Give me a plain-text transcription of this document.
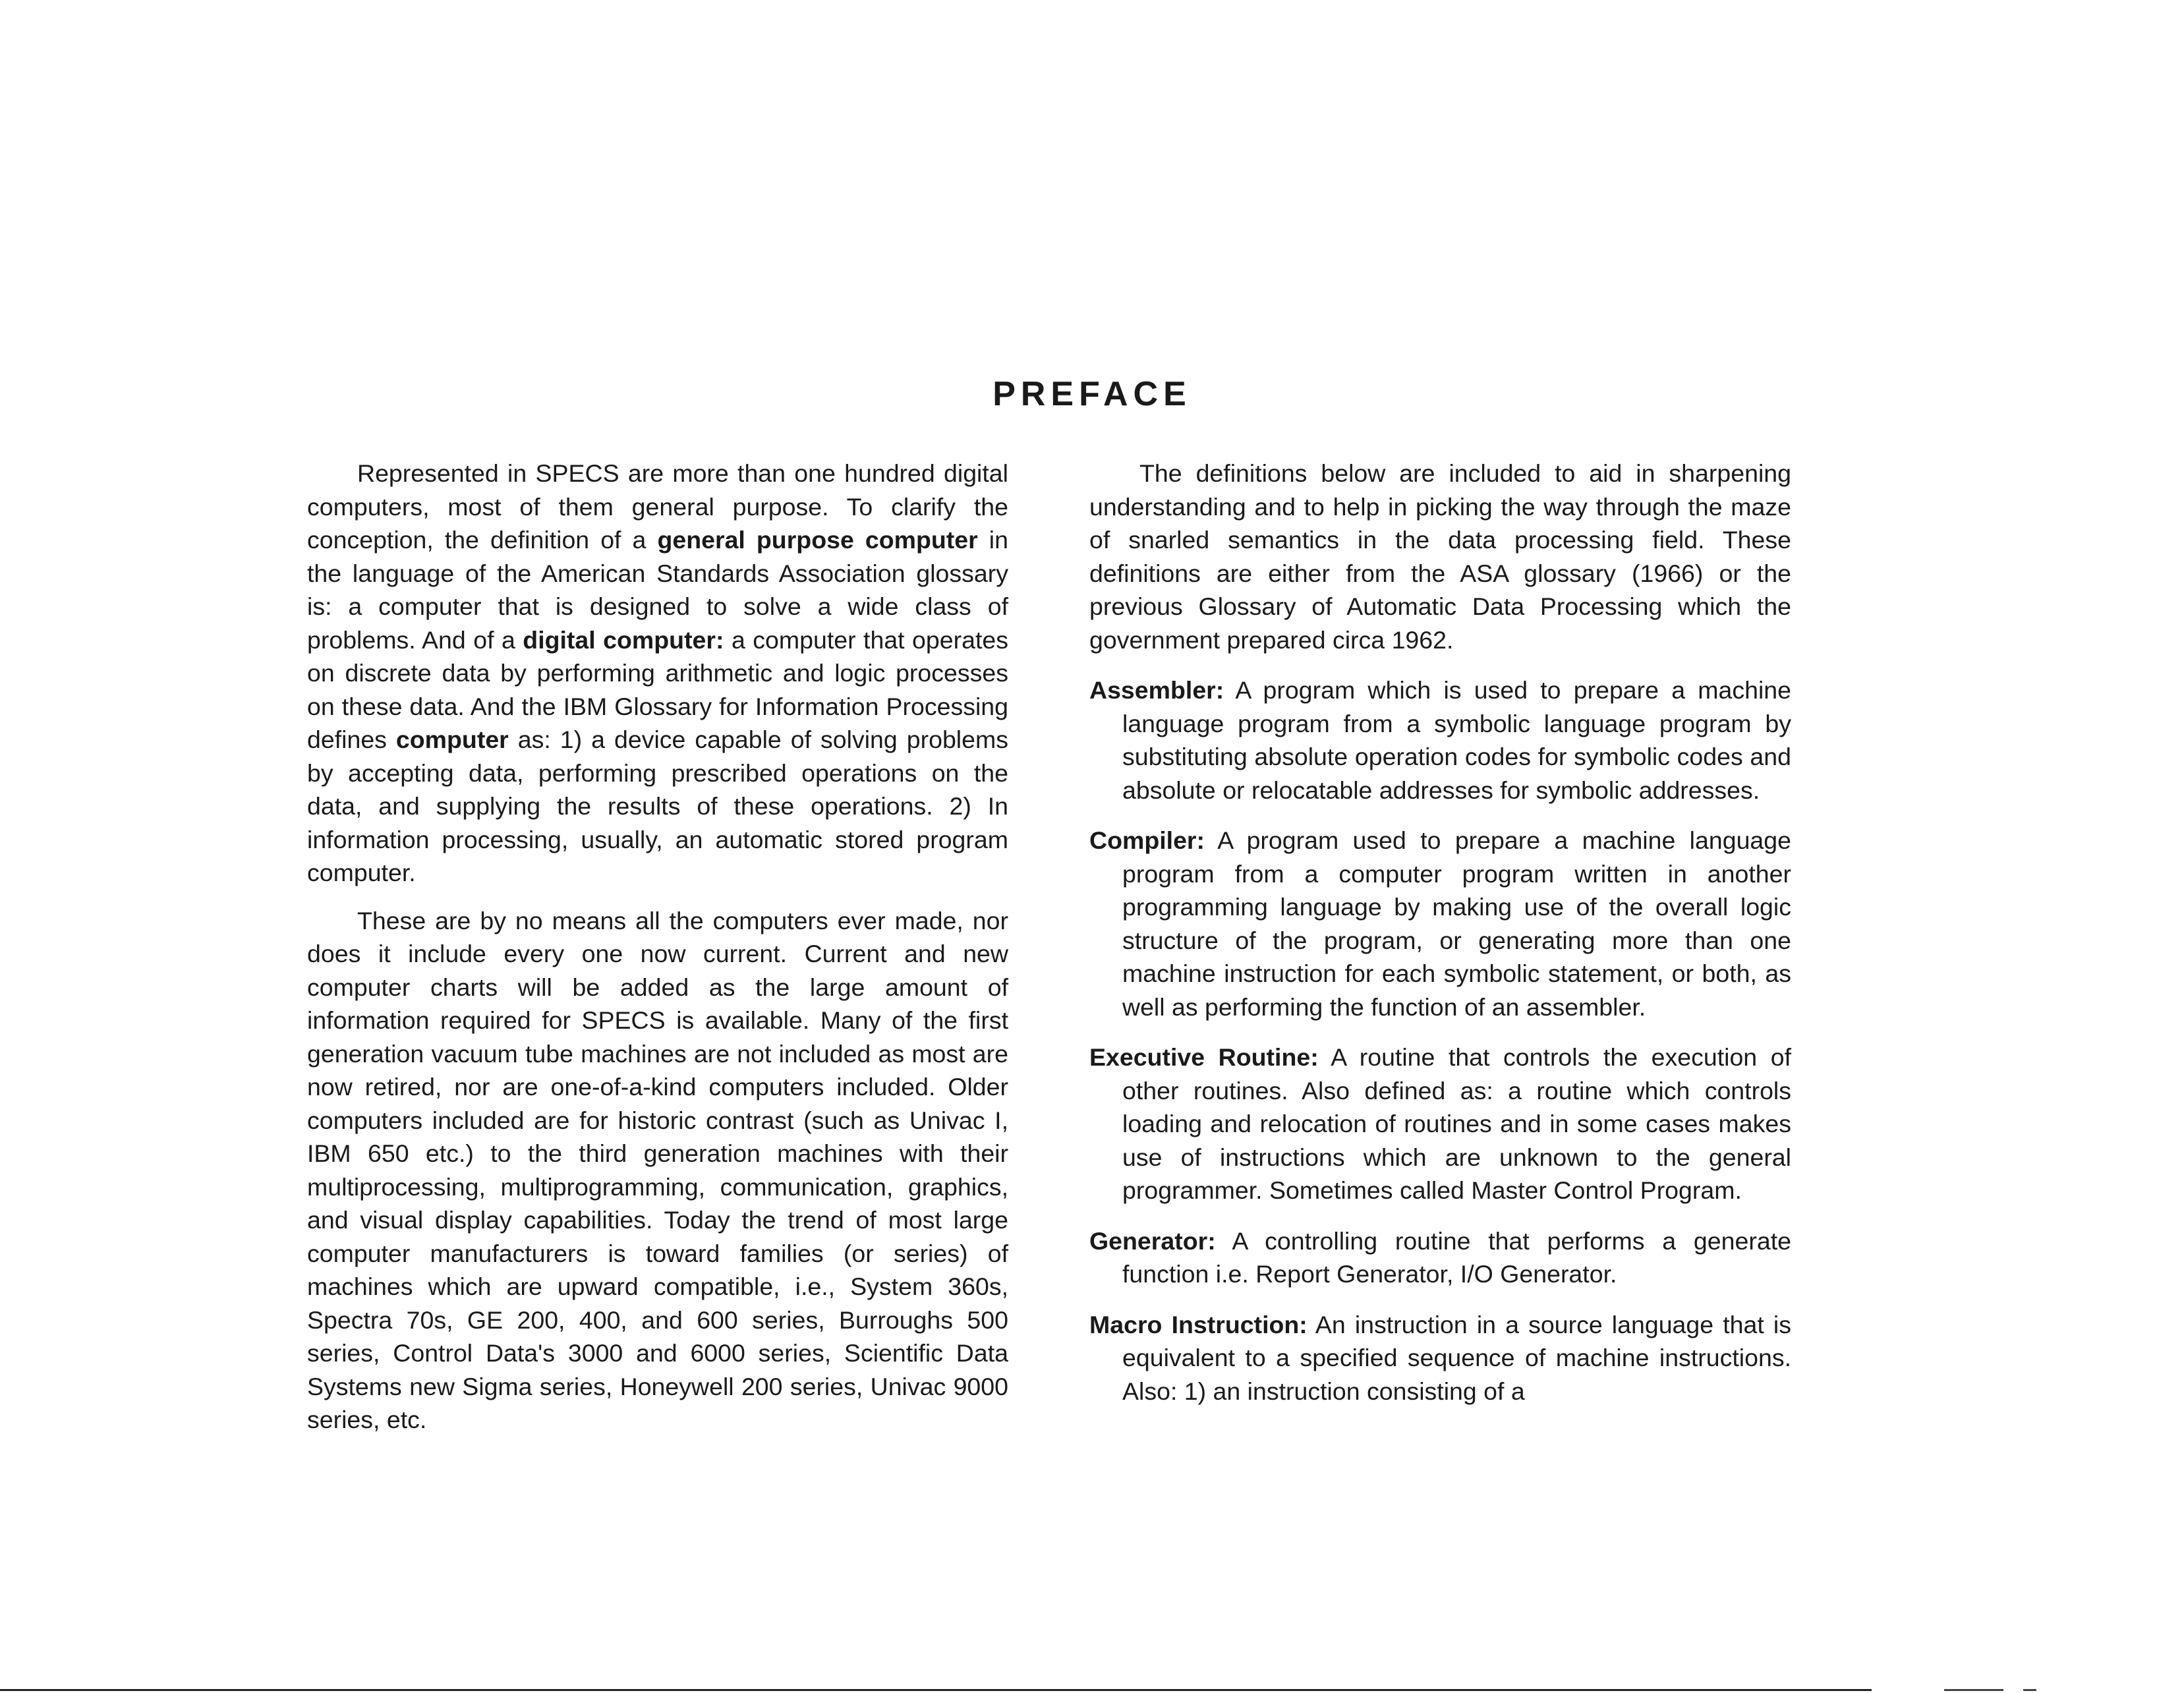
PREFACE

Represented in SPECS are more than one hundred digital computers, most of them general purpose. To clarify the conception, the definition of a general purpose computer in the language of the American Standards Association glossary is: a computer that is designed to solve a wide class of problems. And of a digital computer: a computer that operates on discrete data by performing arithmetic and logic processes on these data. And the IBM Glossary for Information Processing defines computer as: 1) a device capable of solving problems by accepting data, performing prescribed operations on the data, and supplying the results of these operations. 2) In information processing, usually, an automatic stored program computer.

These are by no means all the computers ever made, nor does it include every one now current. Current and new computer charts will be added as the large amount of information required for SPECS is available. Many of the first generation vacuum tube machines are not included as most are now retired, nor are one-of-a-kind computers included. Older computers included are for historic contrast (such as Univac I, IBM 650 etc.) to the third generation machines with their multiprocessing, multiprogramming, communication, graphics, and visual display capabilities. Today the trend of most large computer manufacturers is toward families (or series) of machines which are upward compatible, i.e., System 360s, Spectra 70s, GE 200, 400, and 600 series, Burroughs 500 series, Control Data's 3000 and 6000 series, Scientific Data Systems new Sigma series, Honeywell 200 series, Univac 9000 series, etc.

The definitions below are included to aid in sharpening understanding and to help in picking the way through the maze of snarled semantics in the data processing field. These definitions are either from the ASA glossary (1966) or the previous Glossary of Automatic Data Processing which the government prepared circa 1962.

Assembler: A program which is used to prepare a machine language program from a symbolic language program by substituting absolute operation codes for symbolic codes and absolute or relocatable addresses for symbolic addresses.

Compiler: A program used to prepare a machine language program from a computer program written in another programming language by making use of the overall logic structure of the program, or generating more than one machine instruction for each symbolic statement, or both, as well as performing the function of an assembler.

Executive Routine: A routine that controls the execution of other routines. Also defined as: a routine which controls loading and relocation of routines and in some cases makes use of instructions which are unknown to the general programmer. Sometimes called Master Control Program.

Generator: A controlling routine that performs a generate function i.e. Report Generator, I/O Generator.

Macro Instruction: An instruction in a source language that is equivalent to a specified sequence of machine instructions. Also: 1) an instruction consisting of a
